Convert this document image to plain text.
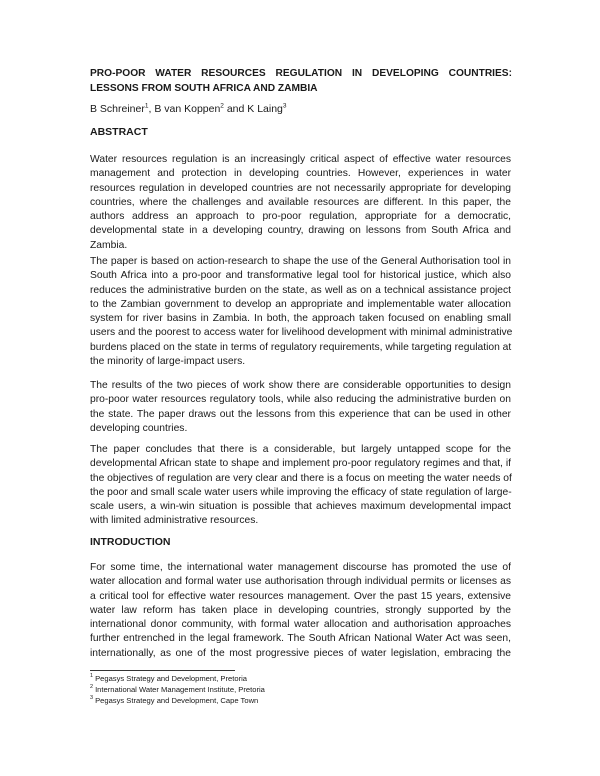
PRO-POOR WATER RESOURCES REGULATION IN DEVELOPING COUNTRIES:
LESSONS FROM SOUTH AFRICA AND ZAMBIA
B Schreiner$^1$, B van Koppen$^2$ and K Laing$^3$
ABSTRACT
Water resources regulation is an increasingly critical aspect of effective water resources
management and protection in developing countries. However, experiences in water
resources regulation in developed countries are not necessarily appropriate for developing
countries, where the challenges and available resources are different. In this paper, the
authors address an approach to pro-poor regulation, appropriate for a democratic,
developmental state in a developing country, drawing on lessons from South Africa and
Zambia.
The paper is based on action-research to shape the use of the General Authorisation tool in
South Africa into a pro-poor and transformative legal tool for historical justice, which also
reduces the administrative burden on the state, as well as on a technical assistance project
to the Zambian government to develop an appropriate and implementable water allocation
system for river basins in Zambia. In both, the approach taken focused on enabling small
users and the poorest to access water for livelihood development with minimal administrative
burdens placed on the state in terms of regulatory requirements, while targeting regulation at
the minority of large-impact users.
The results of the two pieces of work show there are considerable opportunities to design
pro-poor water resources regulatory tools, while also reducing the administrative burden on
the state. The paper draws out the lessons from this experience that can be used in other
developing countries.
The paper concludes that there is a considerable, but largely untapped scope for the
developmental African state to shape and implement pro-poor regulatory regimes and that, if
the objectives of regulation are very clear and there is a focus on meeting the water needs of
the poor and small scale water users while improving the efficacy of state regulation of large-
scale users, a win-win situation is possible that achieves maximum developmental impact
with limited administrative resources.
INTRODUCTION
For some time, the international water management discourse has promoted the use of
water allocation and formal water use authorisation through individual permits or licenses as
a critical tool for effective water resources management. Over the past 15 years, extensive
water law reform has taken place in developing countries, strongly supported by the
international donor community, with formal water allocation and authorisation approaches
further entrenched in the legal framework. The South African National Water Act was seen,
internationally, as one of the most progressive pieces of water legislation, embracing the
$^1$ Pegasys Strategy and Development, Pretoria
$^2$ International Water Management Institute, Pretoria
$^3$ Pegasys Strategy and Development, Cape Town
